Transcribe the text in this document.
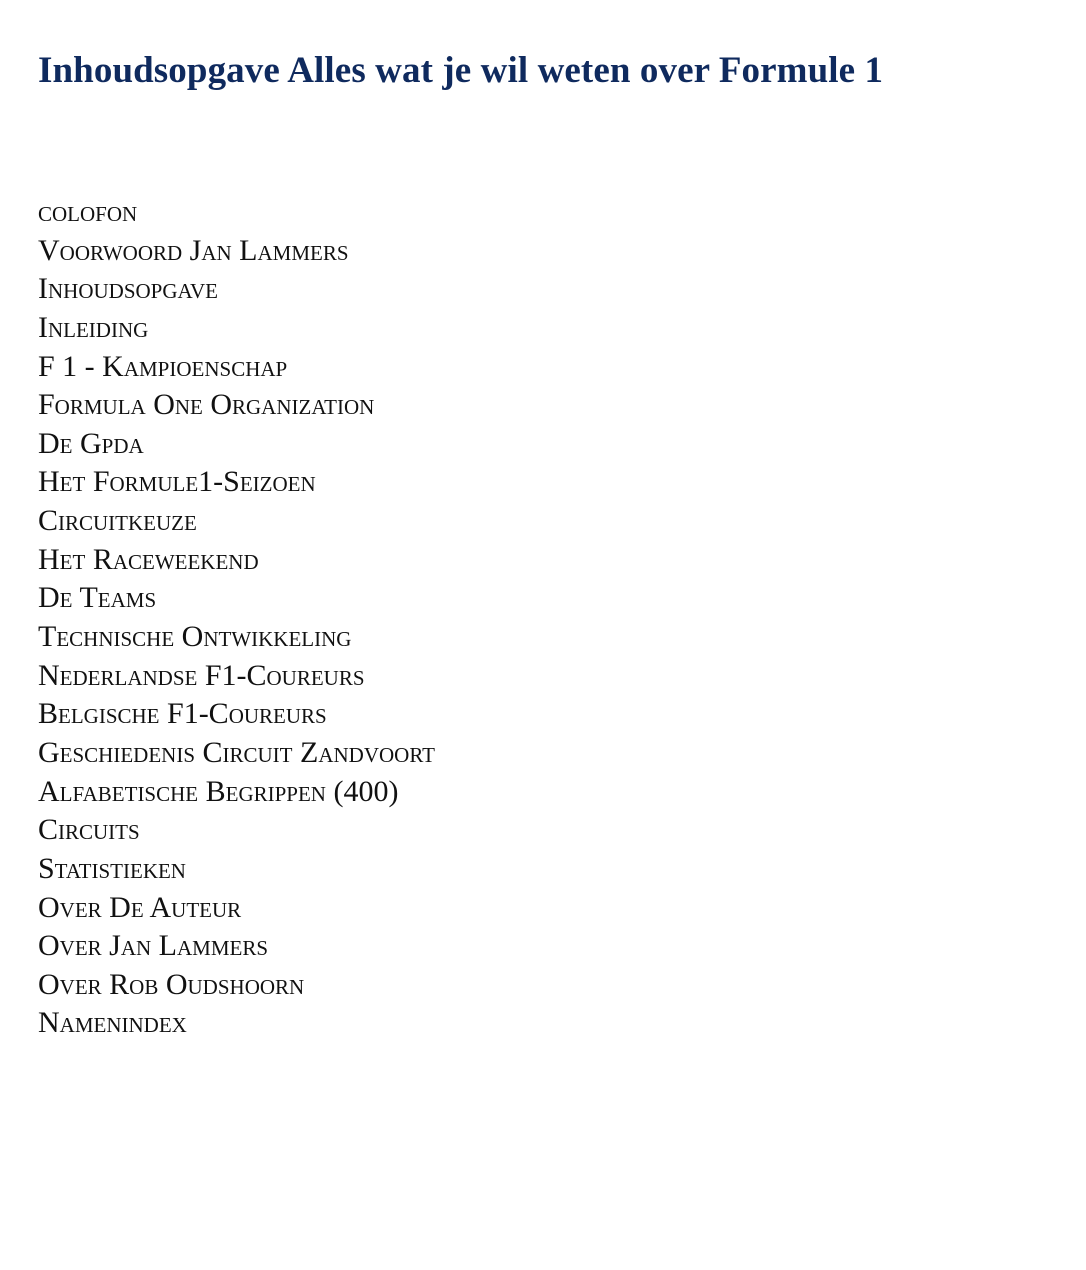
Inhoudsopgave Alles wat je wil weten over Formule 1
colofon
Voorwoord Jan Lammers
Inhoudsopgave
Inleiding
F 1 - Kampioenschap
Formula One Organization
De Gpda
Het Formule1-Seizoen
Circuitkeuze
Het Raceweekend
De Teams
Technische Ontwikkeling
Nederlandse F1-Coureurs
Belgische F1-Coureurs
Geschiedenis Circuit Zandvoort
Alfabetische Begrippen (400)
Circuits
Statistieken
Over De Auteur
Over Jan Lammers
Over Rob Oudshoorn
Namenindex
